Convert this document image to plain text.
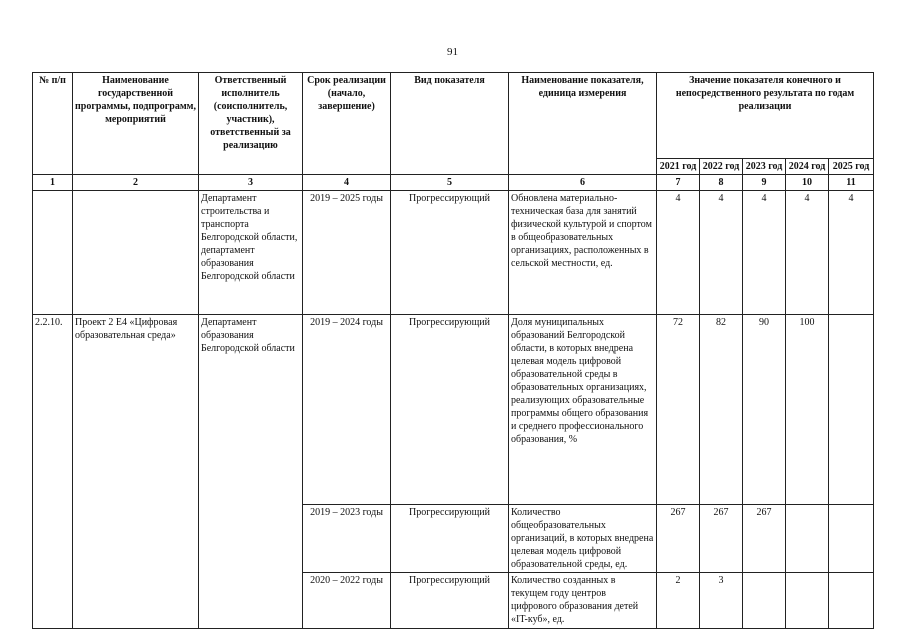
91
№ п/п	Наименование государственной программы, подпрограмм, мероприятий	Ответственный исполнитель (соисполнитель, участник), ответственный за реализацию	Срок реализации (начало, завершение)	Вид показателя	Наименование показателя, единица измерения	Значение показателя конечного и непосредственного результата по годам реализации				
						2021 год	2022 год	2023 год	2024 год	2025 год
1	2	3	4	5	6	7	8	9	10	11
		Департамент строительства и транспорта Белгородской области, департамент образования Белгородской области	2019 – 2025 годы	Прогрессирующий	Обновлена материально-техническая база для занятий физической культурой и спортом в общеобразовательных организациях, расположенных в сельской местности, ед.	4	4	4	4	4
2.2.10.	Проект 2 Е4 «Цифровая образовательная среда»	Департамент образования Белгородской области	2019 – 2024 годы	Прогрессирующий	Доля муниципальных образований Белгородской области, в которых внедрена целевая модель цифровой образовательной среды в образовательных организациях, реализующих образовательные программы общего образования и среднего профессионального образования, %	72	82	90	100	
			2019 – 2023 годы	Прогрессирующий	Количество общеобразовательных организаций, в которых внедрена целевая модель цифровой образовательной среды, ед.	267	267	267		
			2020 – 2022 годы	Прогрессирующий	Количество созданных в текущем году центров цифрового образования детей «IT-куб», ед.	2	3			
